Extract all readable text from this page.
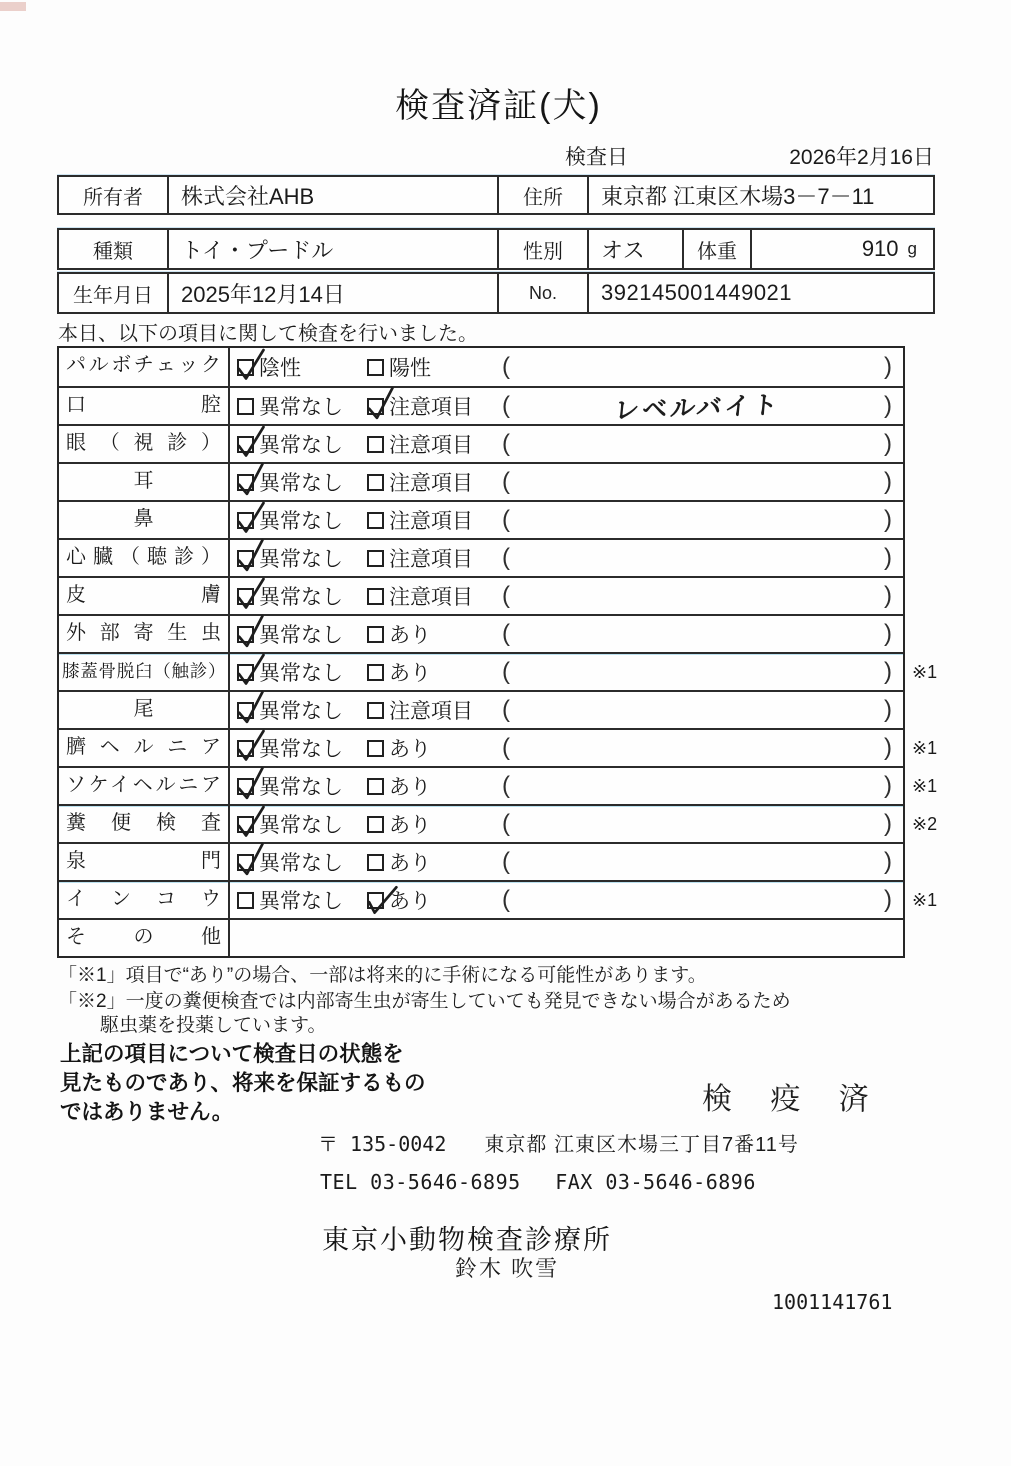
検査済証(犬)
検査日	2026年2月16日
所有者	株式会社AHB	住所	東京都 江東区木場3－7－11
種類	トイ・プードル	性別	オス	体重	910 g
生年月日	2025年12月14日	No.	392145001449021
本日、以下の項目に関して検査を行いました。
パルボチェック	陰性	陽性	(	)
口腔	異常なし 注意項目 (	レベルバイト	)
眼（視診）	異常なし 注意項目 (	)
耳	異常なし 注意項目 (	)
鼻	異常なし 注意項目 (	)
心臓（聴診）	異常なし 注意項目 (	)
皮膚	異常なし 注意項目 (	)
外部寄生虫	異常なし あり	(	)
膝蓋骨脱臼（触診） 異常なし あり	(	) ※1
尾	異常なし 注意項目 (	)
臍ヘルニア	異常なし あり	(	) ※1
ソケイヘルニア	異常なし あり	(	) ※1
糞便検査	異常なし あり	(	) ※2
泉門	異常なし あり	(	)
インコウ	異常なし あり	(	) ※1
その他
「※1」項目で“あり”の場合、一部は将来的に手術になる可能性があります。
「※2」一度の糞便検査では内部寄生虫が寄生していても発見できない場合があるため
駆虫薬を投薬しています。
上記の項目について検査日の状態を
見たものであり、将来を保証するもの
ではありません。	検 疫 済
〒 135-0042 東京都 江東区木場三丁目7番11号
TEL 03-5646-6895 FAX 03-5646-6896
東京小動物検査診療所
鈴木 吹雪
1001141761
